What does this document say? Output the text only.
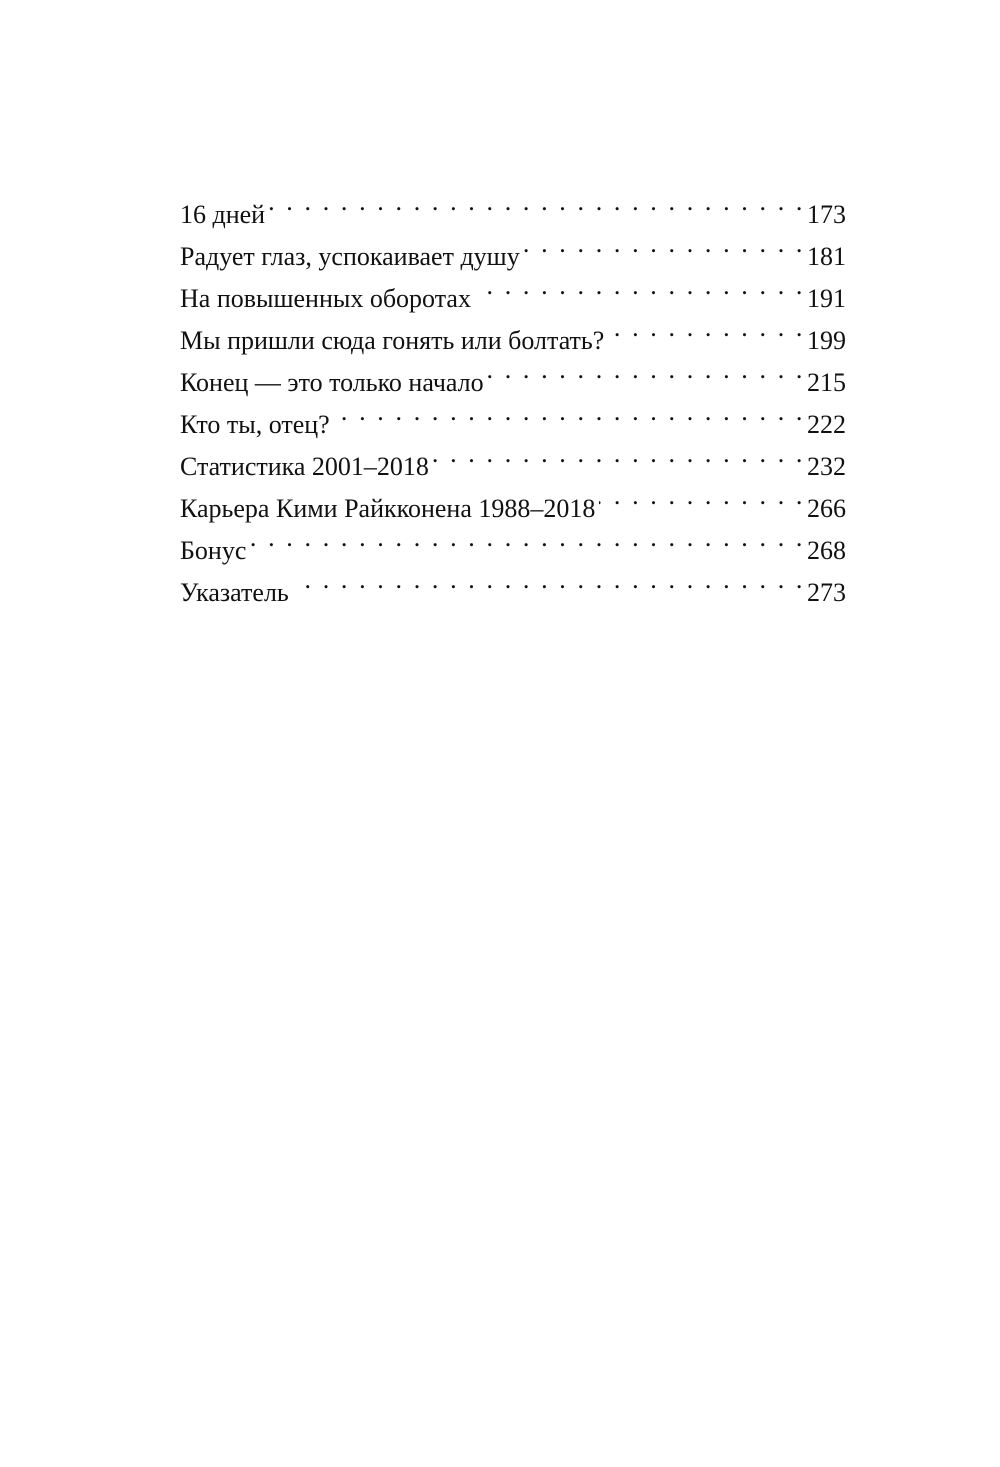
16 дней . . .	173
Радует глаз, успокаивает душу . . .	181
На повышенных оборотах . . .	191
Мы пришли сюда гонять или болтать? . . .	199
Конец — это только начало . . .	215
Кто ты, отец? . . .	222
Статистика 2001–2018 . . .	232
Карьера Кими Райкконена 1988–2018 . . .	266
Бонус . . .	268
Указатель . . .	273
